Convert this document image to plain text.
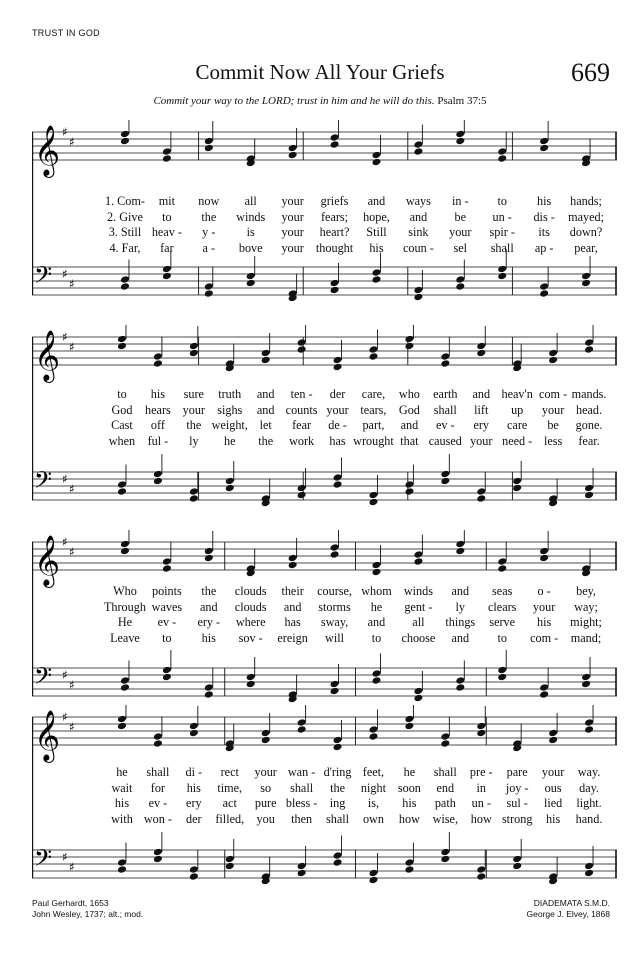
TRUST IN GOD
Commit Now All Your Griefs	669
Commit your way to the LORD; trust in him and he will do this. Psalm 37:5
𝄞 ♯
♯
𝄢 ♯
♯
1. Com- mit now all your griefs and ways in - to his hands;
2. Give to the winds your fears; hope, and be un - dis - mayed;
3. Still heav - y -	is your heart? Still sink your spir - its down?
4. Far, far a - bove your thought his coun - sel shall ap - pear,
𝄞 ♯
♯
𝄢 ♯
♯
to his sure truth and ten - der care, who earth and heav'n com - mands.
God hears your sighs and counts your tears, God shall lift up your head.
Cast off the weight, let fear de - part, and ev - ery care be gone.
when ful - ly he the work has wrought that caused your need - less fear.
𝄞 ♯
♯
𝄢 ♯
♯
Who points the clouds their course, whom winds and seas o - bey,
Through waves and clouds and storms he gent - ly clears your way;
He ev - ery - where has sway, and all things serve his might;
Leave to his sov - ereign will to choose and to com - mand;
𝄞 ♯
♯
𝄢 ♯
♯
he shall di - rect your wan - d'ring feet, he shall pre - pare your way.
wait for his time, so shall the night soon end in joy - ous day.
his ev - ery act pure bless - ing is, his path un - sul - lied light.
with won - der filled, you then shall own how wise, how strong his hand.
Paul Gerhardt, 1653
John Wesley, 1737; alt.; mod.
DIADEMATA S.M.D.
George J. Elvey, 1868
